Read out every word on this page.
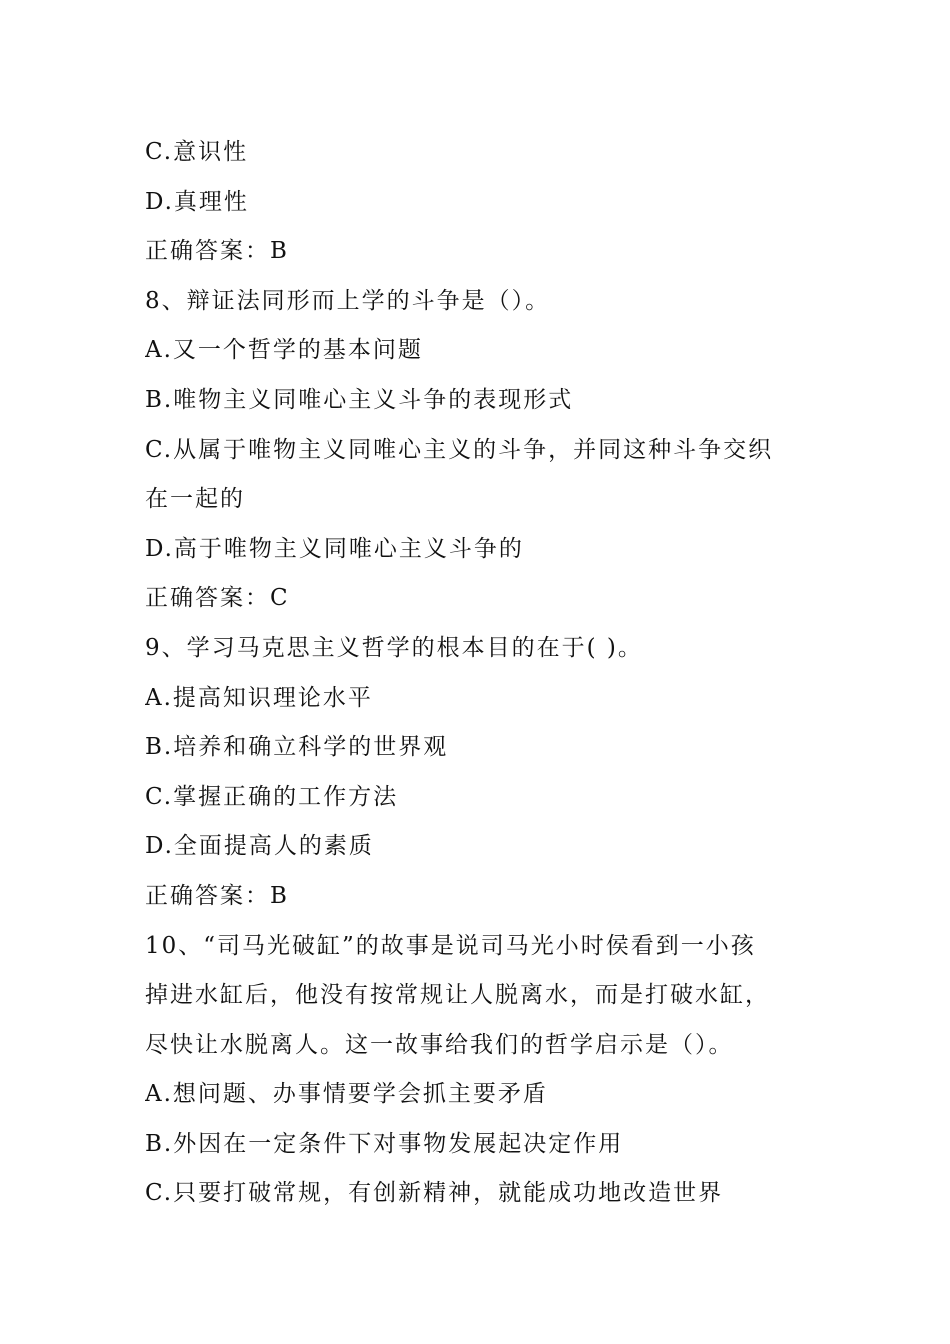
C.意识性
D.真理性
正确答案：B
8、辩证法同形而上学的斗争是（）。
A.又一个哲学的基本问题
B.唯物主义同唯心主义斗争的表现形式
C.从属于唯物主义同唯心主义的斗争，并同这种斗争交织
在一起的
D.高于唯物主义同唯心主义斗争的
正确答案：C
9、学习马克思主义哲学的根本目的在于( )。
A.提高知识理论水平
B.培养和确立科学的世界观
C.掌握正确的工作方法
D.全面提高人的素质
正确答案：B
10、“司马光破缸”的故事是说司马光小时侯看到一小孩
掉进水缸后，他没有按常规让人脱离水，而是打破水缸，
尽快让水脱离人。这一故事给我们的哲学启示是（）。
A.想问题、办事情要学会抓主要矛盾
B.外因在一定条件下对事物发展起决定作用
C.只要打破常规，有创新精神，就能成功地改造世界
